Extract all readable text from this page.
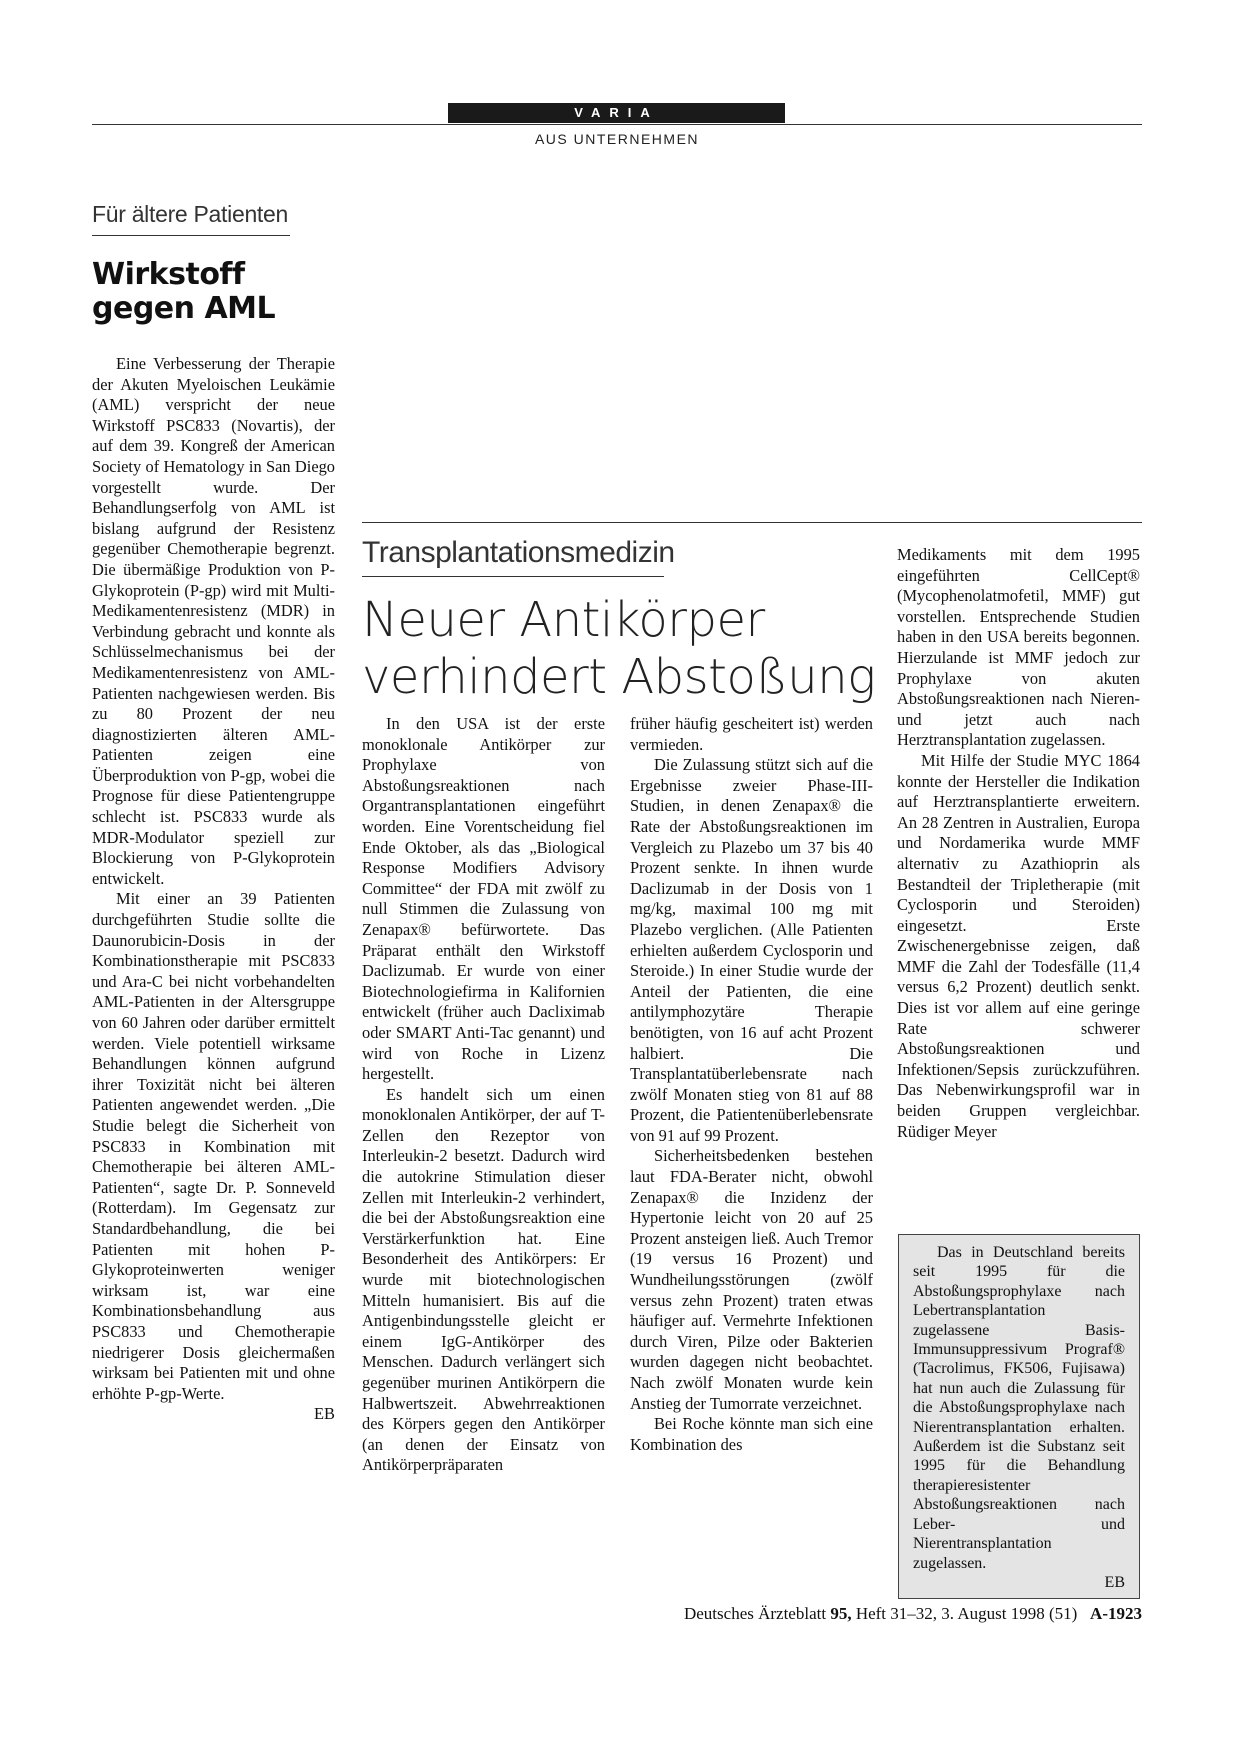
VARIA
AUS UNTERNEHMEN
Für ältere Patienten
Wirkstoff
gegen AML

Eine Verbesserung der Therapie der Akuten Myeloischen Leukämie (AML) verspricht der neue Wirkstoff PSC833 (Novartis), der auf dem 39. Kongreß der American Society of Hematology in San Diego vorgestellt wurde. Der Behandlungserfolg von AML ist bislang aufgrund der Resistenz gegenüber Chemotherapie begrenzt. Die übermäßige Produktion von P-Glykoprotein (P-gp) wird mit Multi-Medikamentenresistenz (MDR) in Verbindung gebracht und konnte als Schlüsselmechanismus bei der Medikamentenresistenz von AML-Patienten nachgewiesen werden. Bis zu 80 Prozent der neu diagnostizierten älteren AML-Patienten zeigen eine Überproduktion von P-gp, wobei die Prognose für diese Patientengruppe schlecht ist. PSC833 wurde als MDR-Modulator speziell zur Blockierung von P-Glykoprotein entwickelt.

Mit einer an 39 Patienten durchgeführten Studie sollte die Daunorubicin-Dosis in der Kombinationstherapie mit PSC833 und Ara-C bei nicht vorbehandelten AML-Patienten in der Altersgruppe von 60 Jahren oder darüber ermittelt werden. Viele potentiell wirksame Behandlungen können aufgrund ihrer Toxizität nicht bei älteren Patienten angewendet werden. „Die Studie belegt die Sicherheit von PSC833 in Kombination mit Chemotherapie bei älteren AML-Patienten“, sagte Dr. P. Sonneveld (Rotterdam). Im Gegensatz zur Standardbehandlung, die bei Patienten mit hohen P-Glykoproteinwerten weniger wirksam ist, war eine Kombinationsbehandlung aus PSC833 und Chemotherapie niedrigerer Dosis gleichermaßen wirksam bei Patienten mit und ohne erhöhte P-gp-Werte.
EB

Transplantationsmedizin
Neuer Antikörper
verhindert Abstoßung

In den USA ist der erste monoklonale Antikörper zur Prophylaxe von Abstoßungsreaktionen nach Organtransplantationen eingeführt worden. Eine Vorentscheidung fiel Ende Oktober, als das „Biological Response Modifiers Advisory Committee“ der FDA mit zwölf zu null Stimmen die Zulassung von Zenapax® befürwortete. Das Präparat enthält den Wirkstoff Daclizumab. Er wurde von einer Biotechnologiefirma in Kalifornien entwickelt (früher auch Dacliximab oder SMART Anti-Tac genannt) und wird von Roche in Lizenz hergestellt.

Es handelt sich um einen monoklonalen Antikörper, der auf T-Zellen den Rezeptor von Interleukin-2 besetzt. Dadurch wird die autokrine Stimulation dieser Zellen mit Interleukin-2 verhindert, die bei der Abstoßungsreaktion eine Verstärkerfunktion hat. Eine Besonderheit des Antikörpers: Er wurde mit biotechnologischen Mitteln humanisiert. Bis auf die Antigenbindungsstelle gleicht er einem IgG-Antikörper des Menschen. Dadurch verlängert sich gegenüber murinen Antikörpern die Halbwertszeit. Abwehrreaktionen des Körpers gegen den Antikörper (an denen der Einsatz von Antikörperpräparaten

früher häufig gescheitert ist) werden vermieden.

Die Zulassung stützt sich auf die Ergebnisse zweier Phase-III-Studien, in denen Zenapax® die Rate der Abstoßungsreaktionen im Vergleich zu Plazebo um 37 bis 40 Prozent senkte. In ihnen wurde Daclizumab in der Dosis von 1 mg/kg, maximal 100 mg mit Plazebo verglichen. (Alle Patienten erhielten außerdem Cyclosporin und Steroide.) In einer Studie wurde der Anteil der Patienten, die eine antilymphozytäre Therapie benötigten, von 16 auf acht Prozent halbiert. Die Transplantatüberlebensrate nach zwölf Monaten stieg von 81 auf 88 Prozent, die Patientenüberlebensrate von 91 auf 99 Prozent.

Sicherheitsbedenken bestehen laut FDA-Berater nicht, obwohl Zenapax® die Inzidenz der Hypertonie leicht von 20 auf 25 Prozent ansteigen ließ. Auch Tremor (19 versus 16 Prozent) und Wundheilungsstörungen (zwölf versus zehn Prozent) traten etwas häufiger auf. Vermehrte Infektionen durch Viren, Pilze oder Bakterien wurden dagegen nicht beobachtet. Nach zwölf Monaten wurde kein Anstieg der Tumorrate verzeichnet.

Bei Roche könnte man sich eine Kombination des

Medikaments mit dem 1995 eingeführten CellCept® (Mycophenolatmofetil, MMF) gut vorstellen. Entsprechende Studien haben in den USA bereits begonnen. Hierzulande ist MMF jedoch zur Prophylaxe von akuten Abstoßungsreaktionen nach Nieren- und jetzt auch nach Herztransplantation zugelassen.

Mit Hilfe der Studie MYC 1864 konnte der Hersteller die Indikation auf Herztransplantierte erweitern. An 28 Zentren in Australien, Europa und Nordamerika wurde MMF alternativ zu Azathioprin als Bestandteil der Tripletherapie (mit Cyclosporin und Steroiden) eingesetzt. Erste Zwischenergebnisse zeigen, daß MMF die Zahl der Todesfälle (11,4 versus 6,2 Prozent) deutlich senkt. Dies ist vor allem auf eine geringe Rate schwerer Abstoßungsreaktionen und Infektionen/Sepsis zurückzuführen. Das Nebenwirkungsprofil war in beiden Gruppen vergleichbar. Rüdiger Meyer

Das in Deutschland bereits seit 1995 für die Abstoßungsprophylaxe nach Lebertransplantation zugelassene Basis-Immunsuppressivum Prograf® (Tacrolimus, FK506, Fujisawa) hat nun auch die Zulassung für die Abstoßungsprophylaxe nach Nierentransplantation erhalten. Außerdem ist die Substanz seit 1995 für die Behandlung therapieresistenter Abstoßungsreaktionen nach Leber- und Nierentransplantation zugelassen.
EB

Deutsches Ärzteblatt 95, Heft 31–32, 3. August 1998 (51) A-1923
